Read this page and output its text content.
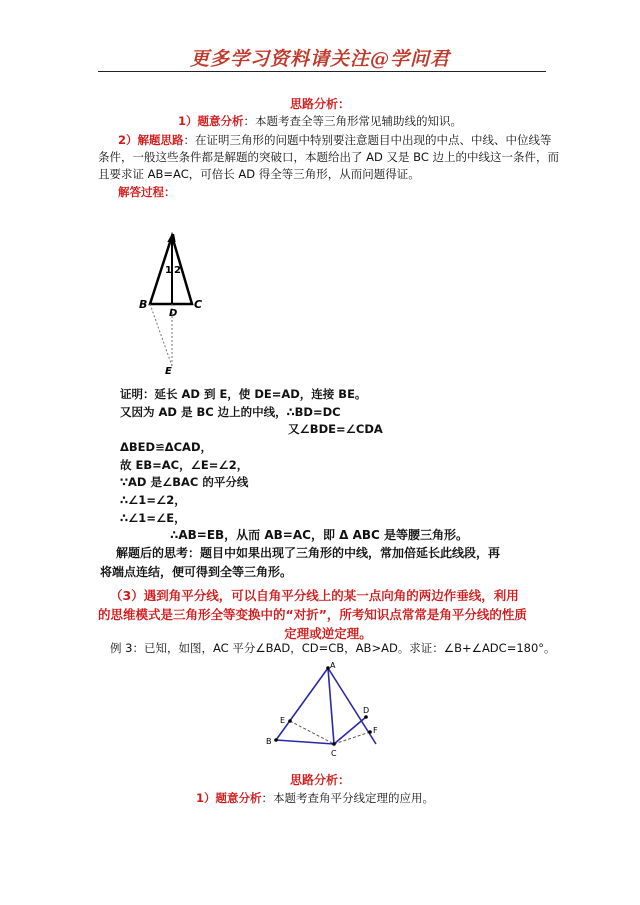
更多学习资料请关注@学问君
思路分析：
1）题意分析：本题考查全等三角形常见辅助线的知识。
2）解题思路：在证明三角形的问题中特别要注意题目中出现的中点、中线、中位线等
条件，一般这些条件都是解题的突破口，本题给出了 AD 又是 BC 边上的中线这一条件，而
且要求证 AB=AC，可倍长 AD 得全等三角形，从而问题得证。
解答过程：
A
B	C
D
E
1 2
证明：延长 AD 到 E，使 DE=AD，连接 BE。
又因为 AD 是 BC 边上的中线，∴BD=DC
又∠BDE=∠CDA
ΔBED≌ΔCAD，
故 EB=AC，∠E=∠2，
∵AD 是∠BAC 的平分线
∴∠1=∠2，
∴∠1=∠E，
∴AB=EB，从而 AB=AC，即 Δ ABC 是等腰三角形。
解题后的思考：题目中如果出现了三角形的中线，常加倍延长此线段，再
将端点连结，便可得到全等三角形。
（3）遇到角平分线，可以自角平分线上的某一点向角的两边作垂线，利用
的思维模式是三角形全等变换中的“对折”，所考知识点常常是角平分线的性质
定理或逆定理。
例 3：已知，如图，AC 平分∠BAD，CD=CB，AB>AD。求证：∠B+∠ADC=180°。
A
B
C
D
E
F
思路分析：
1）题意分析：本题考查角平分线定理的应用。
